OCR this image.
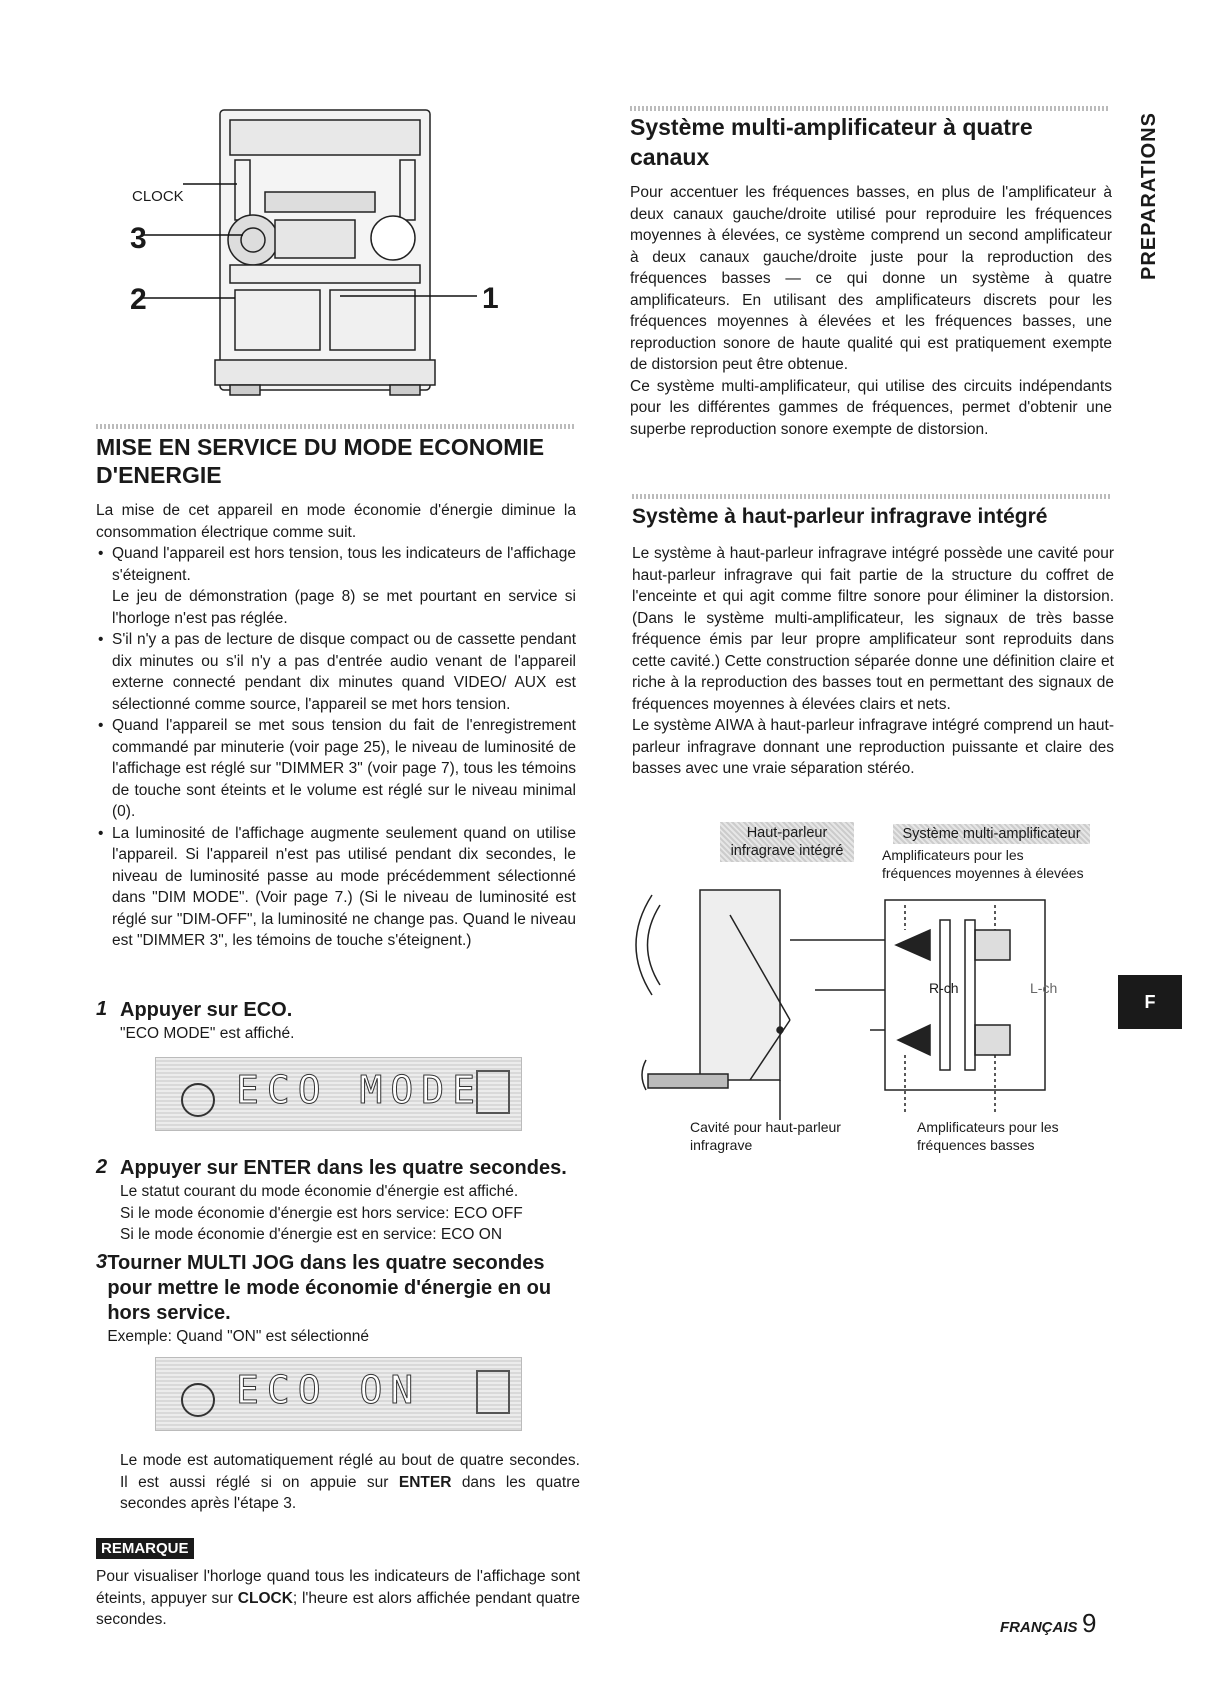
CLOCK
3
2	1
MISE EN SERVICE DU MODE ECONOMIE D'ENERGIE

La mise de cet appareil en mode économie d'énergie diminue la consommation électrique comme suit.

• Quand l'appareil est hors tension, tous les indicateurs de l'affichage s'éteignent.
Le jeu de démonstration (page 8) se met pourtant en service si l'horloge n'est pas réglée.
• S'il n'y a pas de lecture de disque compact ou de cassette pendant dix minutes ou s'il n'y a pas d'entrée audio venant de l'appareil externe connecté pendant dix minutes quand VIDEO/ AUX est sélectionné comme source, l'appareil se met hors tension.
• Quand l'appareil se met sous tension du fait de l'enregistrement commandé par minuterie (voir page 25), le niveau de luminosité de l'affichage est réglé sur "DIMMER 3" (voir page 7), tous les témoins de touche sont éteints et le volume est réglé sur le niveau minimal (0).
• La luminosité de l'affichage augmente seulement quand on utilise l'appareil. Si l'appareil n'est pas utilisé pendant dix secondes, le niveau de luminosité passe au mode précédemment sélectionné dans "DIM MODE". (Voir page 7.) (Si le niveau de luminosité est réglé sur "DIM-OFF", la luminosité ne change pas. Quand le niveau est "DIMMER 3", les témoins de touche s'éteignent.)
1 Appuyer sur ECO.

"ECO MODE" est affiché.

ECO MODE
2 Appuyer sur ENTER dans les quatre secondes.

Le statut courant du mode économie d'énergie est affiché.

Si le mode économie d'énergie est hors service: ECO OFF

Si le mode économie d'énergie est en service: ECO ON

3 Tourner MULTI JOG dans les quatre secondes pour mettre le mode économie d'énergie en ou hors service.

Exemple: Quand "ON" est sélectionné

ECO ON

Le mode est automatiquement réglé au bout de quatre secondes. Il est aussi réglé si on appuie sur ENTER dans les quatre secondes après l'étape 3.

REMARQUE

Pour visualiser l'horloge quand tous les indicateurs de l'affichage sont éteints, appuyer sur CLOCK; l'heure est alors affichée pendant quatre secondes.

Système multi-amplificateur à quatre canaux

Pour accentuer les fréquences basses, en plus de l'amplificateur à deux canaux gauche/droite utilisé pour reproduire les fréquences moyennes à élevées, ce système comprend un second amplificateur à deux canaux gauche/droite juste pour la reproduction des fréquences basses — ce qui donne un système à quatre amplificateurs. En utilisant des amplificateurs discrets pour les fréquences moyennes à élevées et les fréquences basses, une reproduction sonore de haute qualité qui est pratiquement exempte de distorsion peut être obtenue.

Ce système multi-amplificateur, qui utilise des circuits indépendants pour les différentes gammes de fréquences, permet d'obtenir une superbe reproduction sonore exempte de distorsion.

Système à haut-parleur infragrave intégré

Le système à haut-parleur infragrave intégré possède une cavité pour haut-parleur infragrave qui fait partie de la structure du coffret de l'enceinte et qui agit comme filtre sonore pour éliminer la distorsion. (Dans le système multi-amplificateur, les signaux de très basse fréquence émis par leur propre amplificateur sont reproduits dans cette cavité.) Cette construction séparée donne une définition claire et riche à la reproduction des basses tout en permettant des signaux de fréquences moyennes à élevées clairs et nets.

Le système AIWA à haut-parleur infragrave intégré comprend un haut-parleur infragrave donnant une reproduction puissante et claire des basses avec une vraie séparation stéréo.

Haut-parleur infragrave intégré
Système multi-amplificateur
Amplificateurs pour les fréquences moyennes à élevées
R-ch	L-ch
Cavité pour haut-parleur infragrave
Amplificateurs pour les fréquences basses
PREPARATIONS
F
FRANÇAIS 9
